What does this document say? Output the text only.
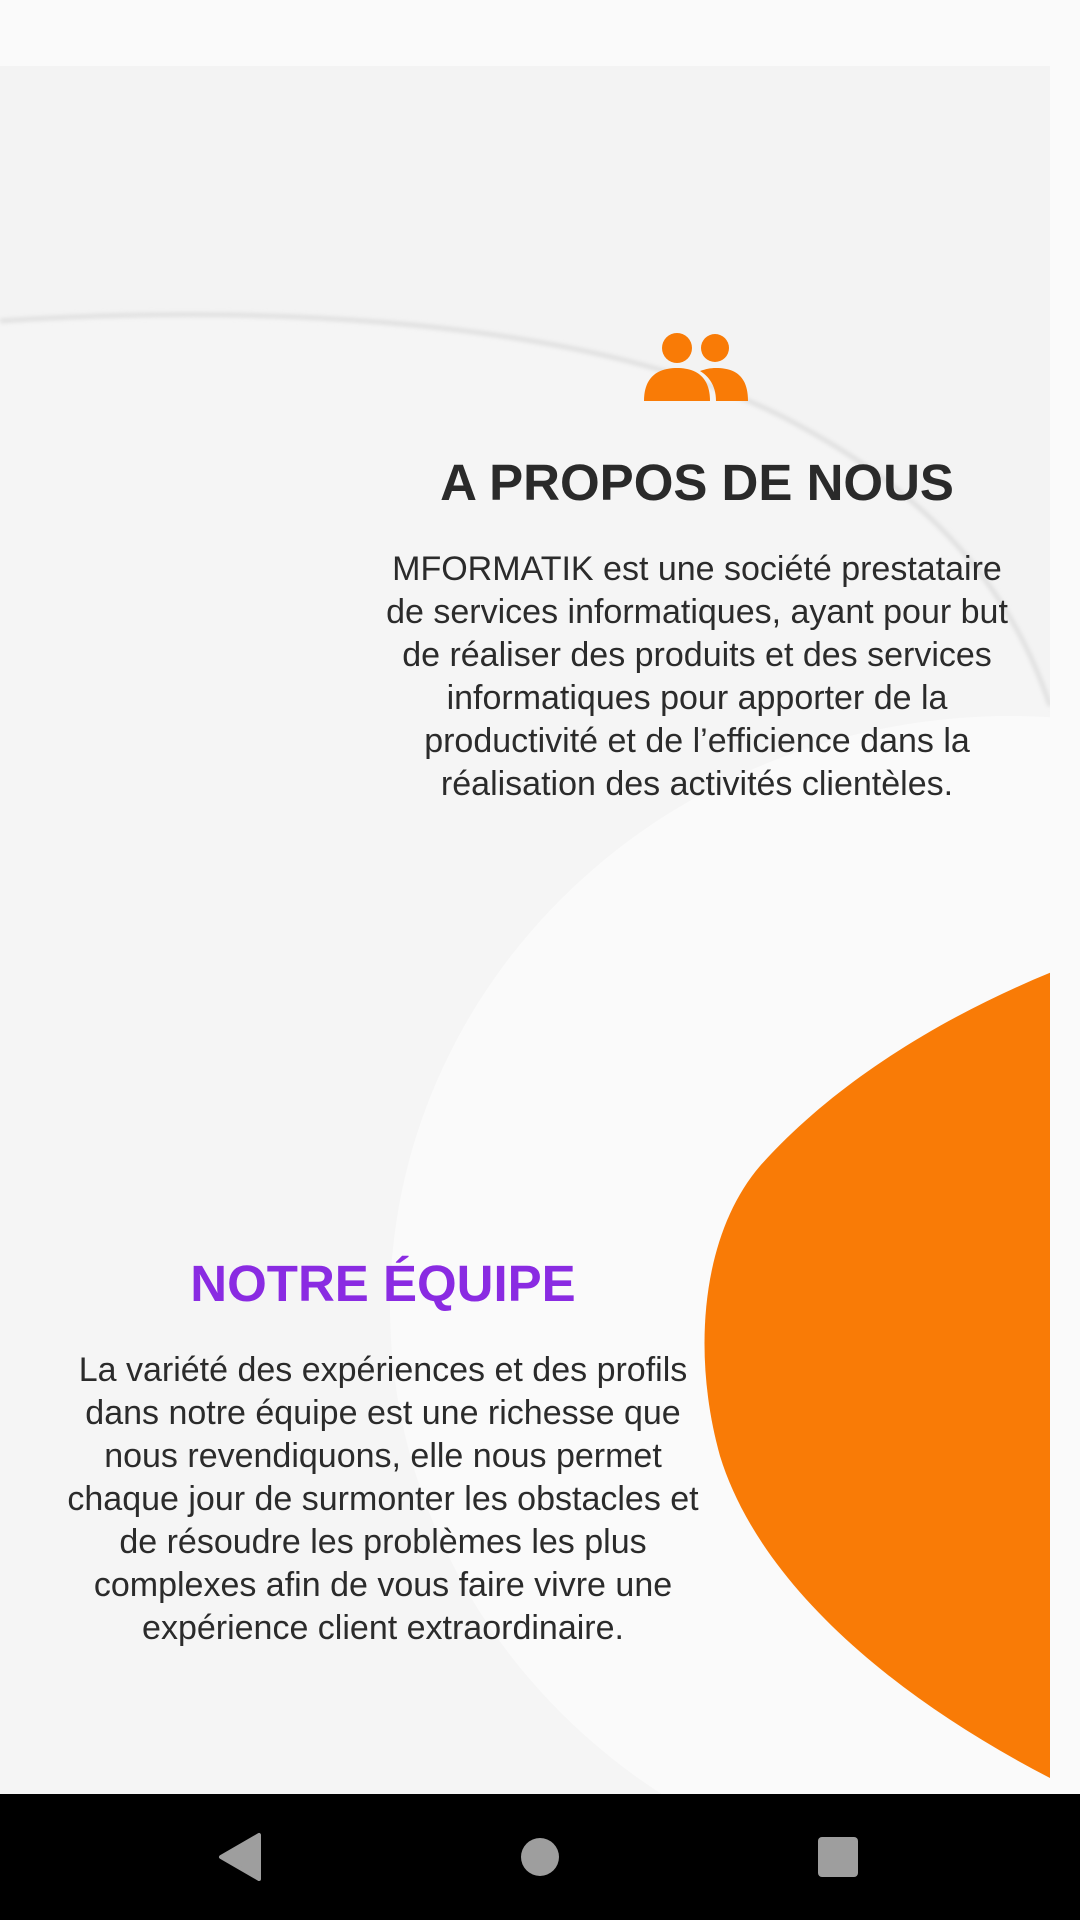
A PROPOS DE NOUS

MFORMATIK est une société prestataire de services informatiques, ayant pour but de réaliser des produits et des services informatiques pour apporter de la productivité et de l’efficience dans la réalisation des activités clientèles.

NOTRE ÉQUIPE

La variété des expériences et des profils dans notre équipe est une richesse que nous revendiquons, elle nous permet chaque jour de surmonter les obstacles et de résoudre les problèmes les plus complexes afin de vous faire vivre une expérience client extraordinaire.
